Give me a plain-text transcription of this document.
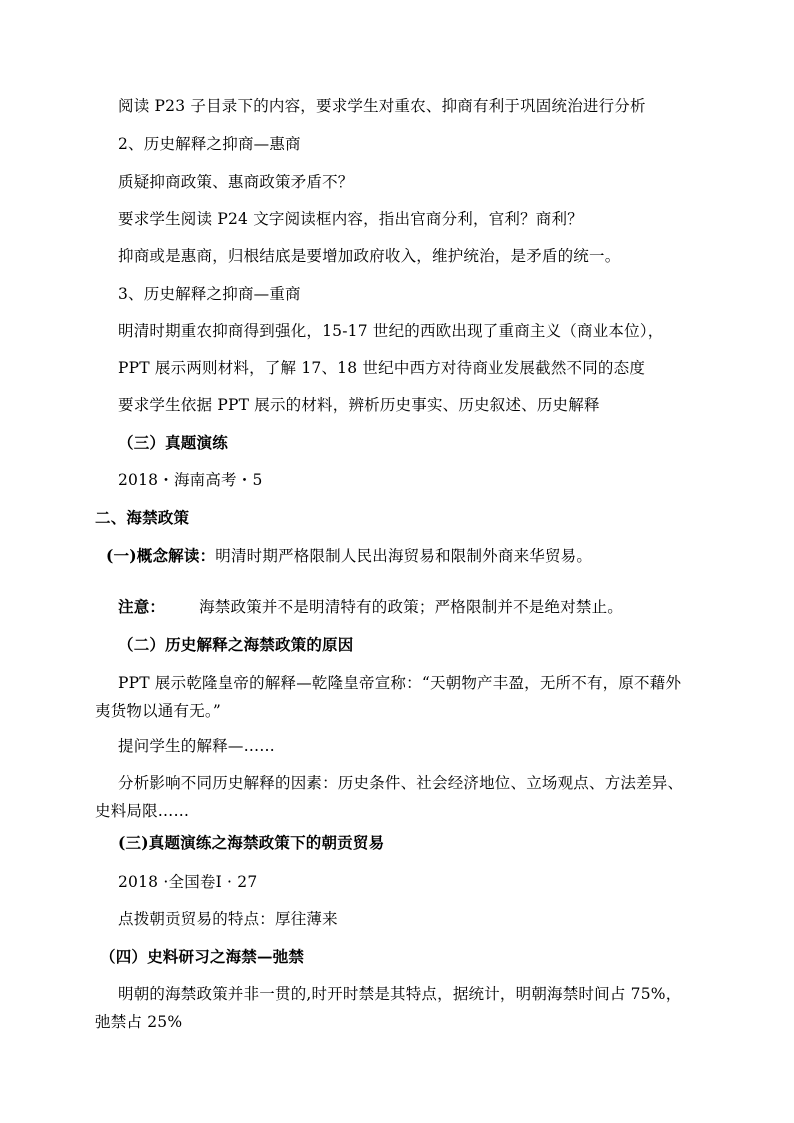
阅读 P23 子目录下的内容，要求学生对重农、抑商有利于巩固统治进行分析
2、历史解释之抑商—惠商
质疑抑商政策、惠商政策矛盾不？
要求学生阅读 P24 文字阅读框内容，指出官商分利，官利？商利？
抑商或是惠商，归根结底是要增加政府收入，维护统治，是矛盾的统一。
3、历史解释之抑商—重商
明清时期重农抑商得到强化，15-17 世纪的西欧出现了重商主义（商业本位），
PPT 展示两则材料，了解 17、18 世纪中西方对待商业发展截然不同的态度
要求学生依据 PPT 展示的材料，辨析历史事实、历史叙述、历史解释
（三）真题演练
2018・海南高考・5
二、海禁政策
(一)概念解读：明清时期严格限制人民出海贸易和限制外商来华贸易。
注意： 海禁政策并不是明清特有的政策；严格限制并不是绝对禁止。
（二）历史解释之海禁政策的原因
PPT 展示乾隆皇帝的解释—乾隆皇帝宣称：“天朝物产丰盈，无所不有，原不藉外夷货物以通有无。”
提问学生的解释—……
分析影响不同历史解释的因素：历史条件、社会经济地位、立场观点、方法差异、史料局限……
(三)真题演练之海禁政策下的朝贡贸易
2018 ·全国卷Ⅰ · 27
点拨朝贡贸易的特点：厚往薄来
（四）史料研习之海禁—弛禁
明朝的海禁政策并非一贯的,时开时禁是其特点，据统计，明朝海禁时间占 75%，弛禁占 25%
